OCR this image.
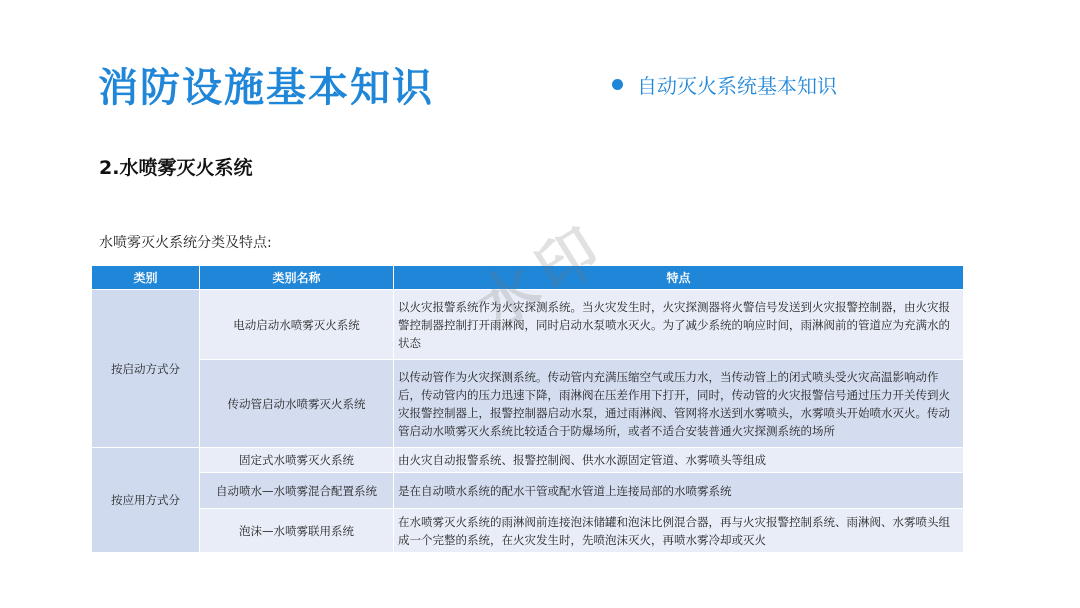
消防设施基本知识	自动灭火系统基本知识
2.水喷雾灭火系统
水喷雾灭火系统分类及特点:
类别	类别名称	特点
按启动方式分	电动启动水喷雾灭火系统	以火灾报警系统作为火灾探测系统。当火灾发生时，火灾探测器将火警信号发送到火灾报警控制器，由火灾报警控制器控制打开雨淋阀，同时启动水泵喷水灭火。为了减少系统的响应时间，雨淋阀前的管道应为充满水的状态
	传动管启动水喷雾灭火系统	以传动管作为火灾探测系统。传动管内充满压缩空气或压力水，当传动管上的闭式喷头受火灾高温影响动作后，传动管内的压力迅速下降，雨淋阀在压差作用下打开，同时，传动管的火灾报警信号通过压力开关传到火灾报警控制器上，报警控制器启动水泵，通过雨淋阀、管网将水送到水雾喷头，水雾喷头开始喷水灭火。传动管启动水喷雾灭火系统比较适合于防爆场所，或者不适合安装普通火灾探测系统的场所
按应用方式分	固定式水喷雾灭火系统	由火灾自动报警系统、报警控制阀、供水水源固定管道、水雾喷头等组成
	自动喷水—水喷雾混合配置系统	是在自动喷水系统的配水干管或配水管道上连接局部的水喷雾系统
	泡沫—水喷雾联用系统	在水喷雾灭火系统的雨淋阀前连接泡沫储罐和泡沫比例混合器，再与火灾报警控制系统、雨淋阀、水雾喷头组成一个完整的系统，在火灾发生时，先喷泡沫灭火，再喷水雾冷却或灭火
水印
